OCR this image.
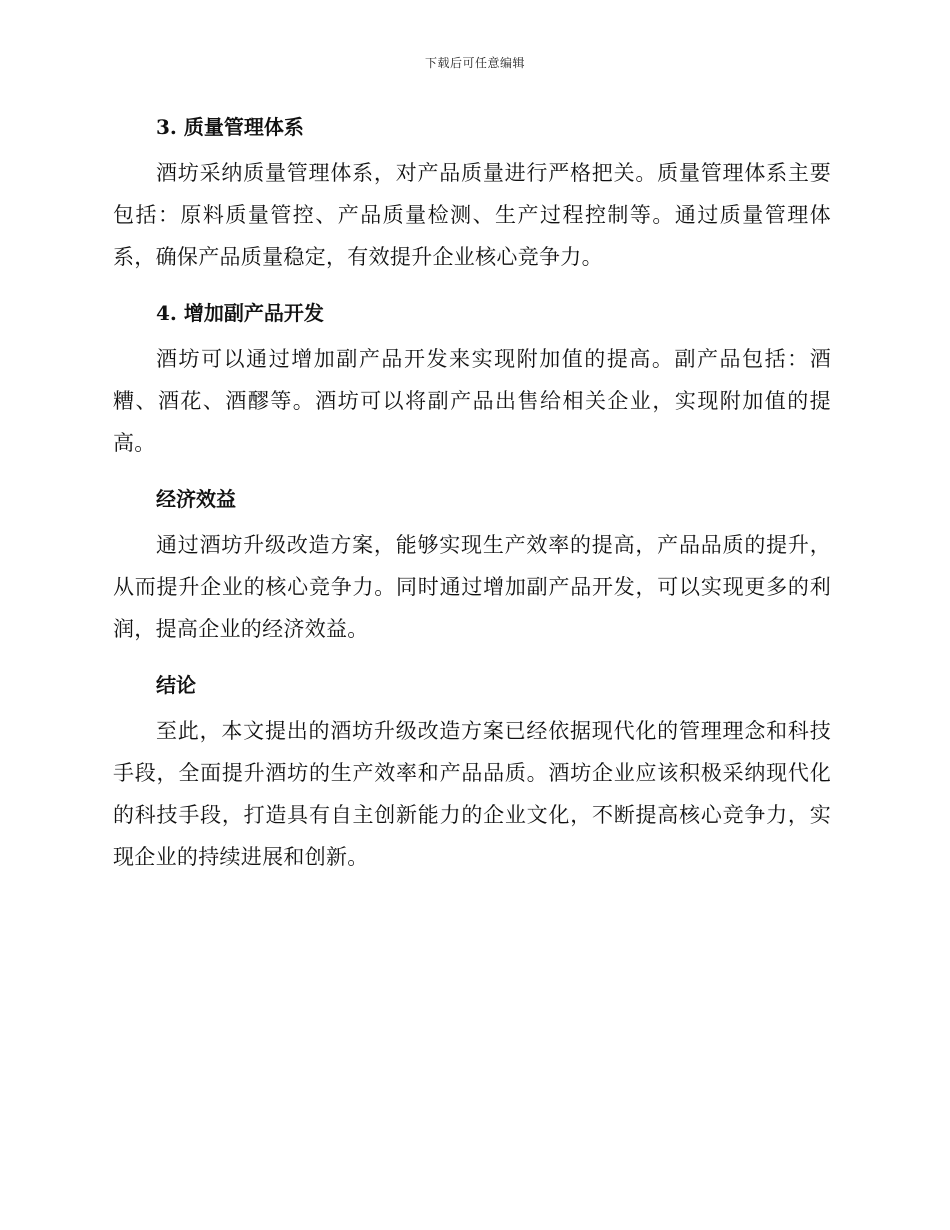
下载后可任意编辑
3. 质量管理体系

酒坊采纳质量管理体系，对产品质量进行严格把关。质量管理体系主要包括：原料质量管控、产品质量检测、生产过程控制等。通过质量管理体系，确保产品质量稳定，有效提升企业核心竞争力。

4. 增加副产品开发

酒坊可以通过增加副产品开发来实现附加值的提高。副产品包括：酒糟、酒花、酒醪等。酒坊可以将副产品出售给相关企业，实现附加值的提高。

经济效益

通过酒坊升级改造方案，能够实现生产效率的提高，产品品质的提升，从而提升企业的核心竞争力。同时通过增加副产品开发，可以实现更多的利润，提高企业的经济效益。

结论

至此，本文提出的酒坊升级改造方案已经依据现代化的管理理念和科技手段，全面提升酒坊的生产效率和产品品质。酒坊企业应该积极采纳现代化的科技手段，打造具有自主创新能力的企业文化，不断提高核心竞争力，实现企业的持续进展和创新。
